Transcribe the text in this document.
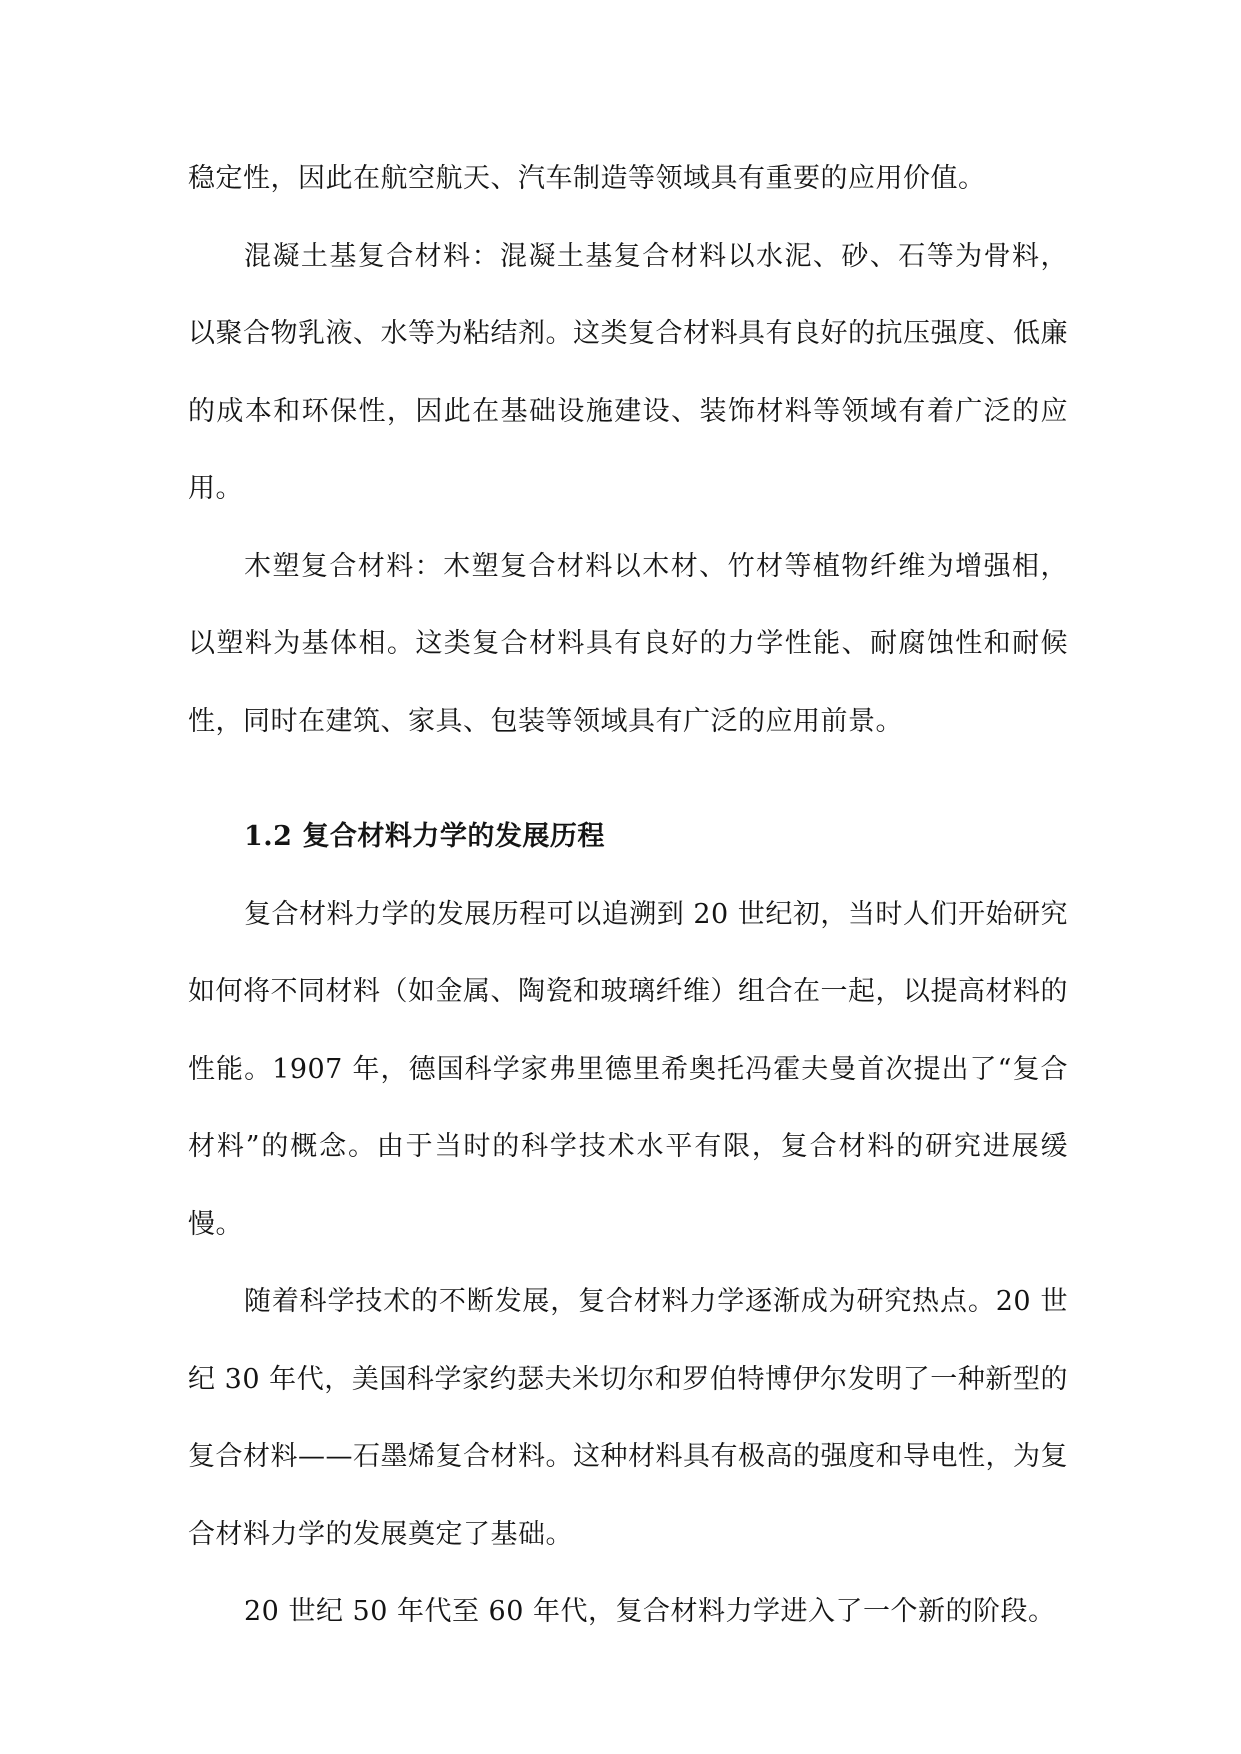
稳定性，因此在航空航天、汽车制造等领域具有重要的应用价值。

混凝土基复合材料：混凝土基复合材料以水泥、砂、石等为骨料，以聚合物乳液、水等为粘结剂。这类复合材料具有良好的抗压强度、低廉的成本和环保性，因此在基础设施建设、装饰材料等领域有着广泛的应用。

木塑复合材料：木塑复合材料以木材、竹材等植物纤维为增强相，以塑料为基体相。这类复合材料具有良好的力学性能、耐腐蚀性和耐候性，同时在建筑、家具、包装等领域具有广泛的应用前景。

1.2 复合材料力学的发展历程

复合材料力学的发展历程可以追溯到 20 世纪初，当时人们开始研究如何将不同材料（如金属、陶瓷和玻璃纤维）组合在一起，以提高材料的性能。1907 年，德国科学家弗里德里希奥托冯霍夫曼首次提出了“复合材料”的概念。由于当时的科学技术水平有限，复合材料的研究进展缓慢。

随着科学技术的不断发展，复合材料力学逐渐成为研究热点。20 世纪 30 年代，美国科学家约瑟夫米切尔和罗伯特博伊尔发明了一种新型的复合材料——石墨烯复合材料。这种材料具有极高的强度和导电性，为复合材料力学的发展奠定了基础。

20 世纪 50 年代至 60 年代，复合材料力学进入了一个新的阶段。
